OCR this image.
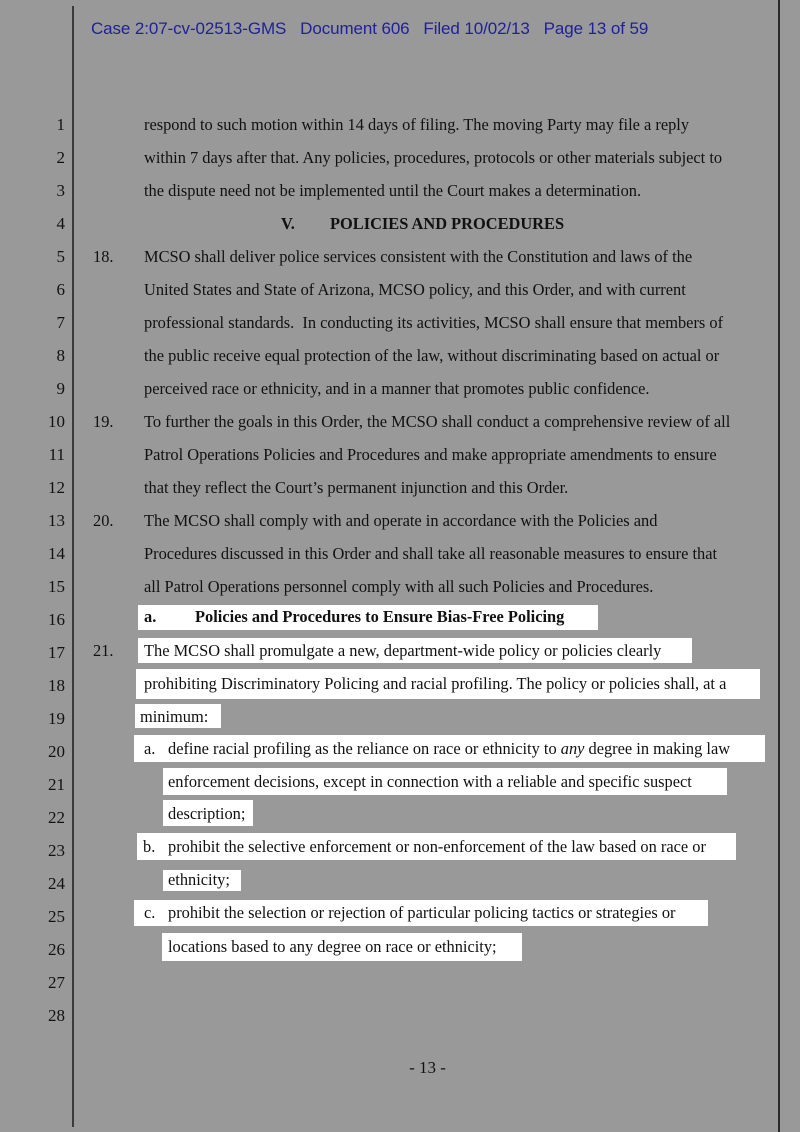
Case 2:07-cv-02513-GMS Document 606 Filed 10/02/13 Page 13 of 59
1
2
3
4
5
6
7
8
9
10
11
12
13
14
15
16
17
18
19
20
21
22
23
24
25
26
27
28
respond to such motion within 14 days of filing. The moving Party may file a reply
within 7 days after that. Any policies, procedures, protocols or other materials subject to
the dispute need not be implemented until the Court makes a determination.
V. POLICIES AND PROCEDURES
18. MCSO shall deliver police services consistent with the Constitution and laws of the
United States and State of Arizona, MCSO policy, and this Order, and with current
professional standards.  In conducting its activities, MCSO shall ensure that members of
the public receive equal protection of the law, without discriminating based on actual or
perceived race or ethnicity, and in a manner that promotes public confidence.
19. To further the goals in this Order, the MCSO shall conduct a comprehensive review of all
Patrol Operations Policies and Procedures and make appropriate amendments to ensure
that they reflect the Court’s permanent injunction and this Order.
20. The MCSO shall comply with and operate in accordance with the Policies and
Procedures discussed in this Order and shall take all reasonable measures to ensure that
all Patrol Operations personnel comply with all such Policies and Procedures.
a. Policies and Procedures to Ensure Bias-Free Policing
21. The MCSO shall promulgate a new, department-wide policy or policies clearly
prohibiting Discriminatory Policing and racial profiling. The policy or policies shall, at a
minimum:
a. define racial profiling as the reliance on race or ethnicity to any degree in making law
enforcement decisions, except in connection with a reliable and specific suspect
description;
b. prohibit the selective enforcement or non-enforcement of the law based on race or
ethnicity;
c. prohibit the selection or rejection of particular policing tactics or strategies or
locations based to any degree on race or ethnicity;
- 13 -
